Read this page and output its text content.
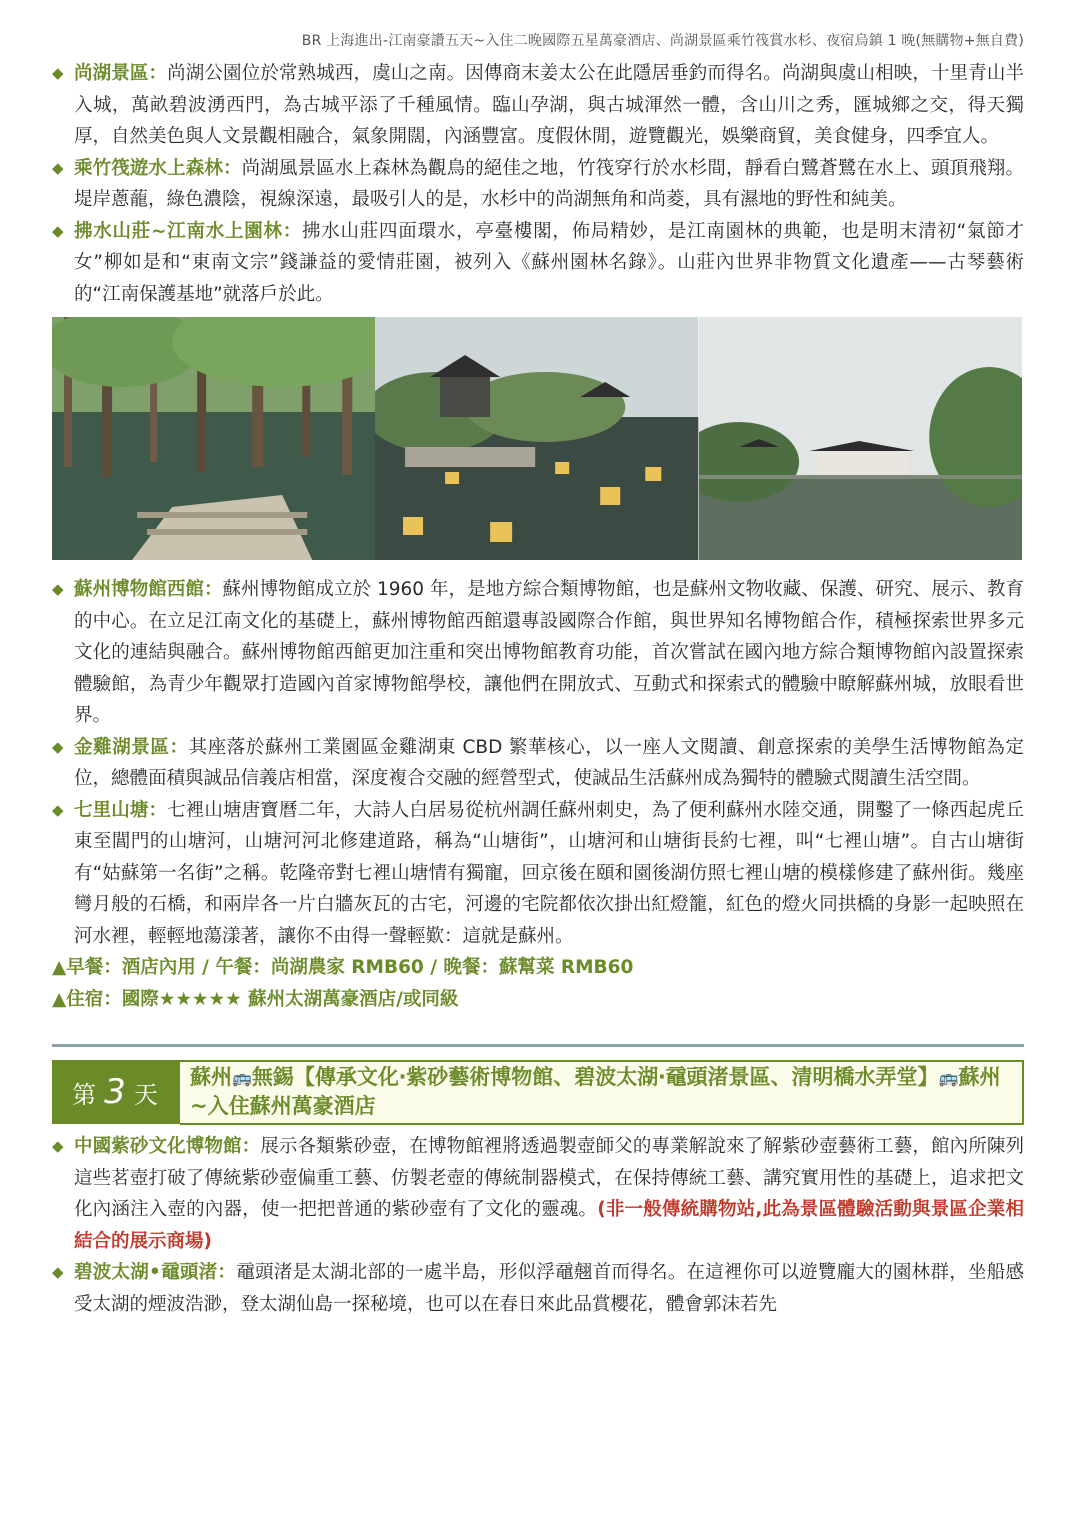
BR 上海進出-江南豪讚五天~入住二晚國際五星萬豪酒店、尚湖景區乘竹筏賞水杉、夜宿烏鎮 1 晚(無購物+無自費)
◆ 尚湖景區：尚湖公園位於常熟城西，虞山之南。因傳商末姜太公在此隱居垂釣而得名。尚湖與虞山相映，十里青山半入城，萬畝碧波湧西門，為古城平添了千種風情。臨山孕湖，與古城渾然一體，含山川之秀，匯城鄉之交，得天獨厚，自然美色與人文景觀相融合，氣象開闊，內涵豐富。度假休閒，遊覽觀光，娛樂商貿，美食健身，四季宜人。
◆ 乘竹筏遊水上森林：尚湖風景區水上森林為觀鳥的絕佳之地，竹筏穿行於水杉間，靜看白鷺蒼鷺在水上、頭頂飛翔。堤岸蔥蘢，綠色濃陰，視線深遠，最吸引人的是，水杉中的尚湖無角和尚菱，具有濕地的野性和純美。
◆ 拂水山莊~江南水上園林：拂水山莊四面環水，亭臺樓閣，佈局精妙，是江南園林的典範，也是明末清初“氣節才女”柳如是和“東南文宗”錢謙益的愛情莊園，被列入《蘇州園林名錄》。山莊內世界非物質文化遺產——古琴藝術的“江南保護基地”就落戶於此。
◆ 蘇州博物館西館：蘇州博物館成立於 1960 年，是地方綜合類博物館，也是蘇州文物收藏、保護、研究、展示、教育的中心。在立足江南文化的基礎上，蘇州博物館西館還專設國際合作館，與世界知名博物館合作，積極探索世界多元文化的連結與融合。蘇州博物館西館更加注重和突出博物館教育功能，首次嘗試在國內地方綜合類博物館內設置探索體驗館，為青少年觀眾打造國內首家博物館學校，讓他們在開放式、互動式和探索式的體驗中瞭解蘇州城，放眼看世界。
◆ 金雞湖景區：其座落於蘇州工業園區金雞湖東 CBD 繁華核心，以一座人文閱讀、創意探索的美學生活博物館為定位，總體面積與誠品信義店相當，深度複合交融的經營型式，使誠品生活蘇州成為獨特的體驗式閱讀生活空間。
◆ 七里山塘：七裡山塘唐寶曆二年，大詩人白居易從杭州調任蘇州刺史，為了便利蘇州水陸交通，開鑿了一條西起虎丘東至閶門的山塘河，山塘河河北修建道路，稱為“山塘街”，山塘河和山塘街長約七裡，叫“七裡山塘”。自古山塘街有“姑蘇第一名街”之稱。乾隆帝對七裡山塘情有獨寵，回京後在頤和園後湖仿照七裡山塘的模樣修建了蘇州街。幾座彎月般的石橋，和兩岸各一片白牆灰瓦的古宅，河邊的宅院都依次掛出紅燈籠，紅色的燈火同拱橋的身影一起映照在河水裡，輕輕地蕩漾著，讓你不由得一聲輕歎：這就是蘇州。
▲早餐：酒店內用 / 午餐：尚湖農家 RMB60 / 晚餐：蘇幫菜 RMB60
▲住宿：國際★★★★★ 蘇州太湖萬豪酒店/或同級
第 3 天
蘇州🚌無錫【傳承文化‧紫砂藝術博物館、碧波太湖‧黿頭渚景區、清明橋水弄堂】🚌蘇州~入住蘇州萬豪酒店
◆ 中國紫砂文化博物館：展示各類紫砂壺，在博物館裡將透過製壺師父的專業解說來了解紫砂壺藝術工藝，館內所陳列這些茗壺打破了傳統紫砂壺偏重工藝、仿製老壺的傳統制器模式，在保持傳統工藝、講究實用性的基礎上，追求把文化內涵注入壺的內器，使一把把普通的紫砂壺有了文化的靈魂。(非一般傳統購物站,此為景區體驗活動與景區企業相結合的展示商場)
◆ 碧波太湖•黿頭渚：黿頭渚是太湖北部的一處半島，形似浮黿翹首而得名。在這裡你可以遊覽龐大的園林群，坐船感受太湖的煙波浩渺，登太湖仙島一探秘境，也可以在春日來此品賞櫻花，體會郭沫若先
